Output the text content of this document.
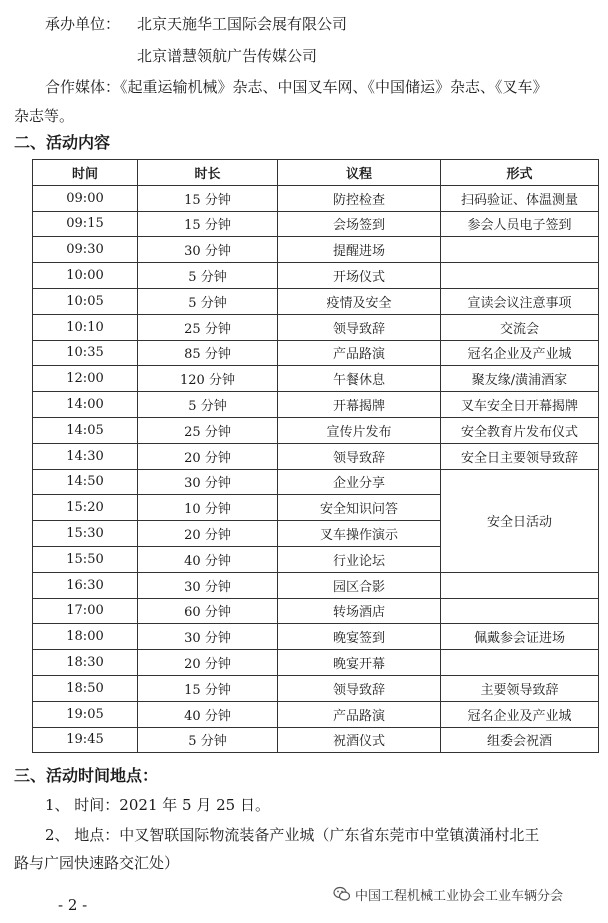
承办单位： 北京天施华工国际会展有限公司
北京谱慧领航广告传媒公司
合作媒体：《起重运输机械》杂志、中国叉车网、《中国储运》杂志、《叉车》
杂志等。
二、活动内容
时间	时长	议程	形式
09:00	15 分钟	防控检查	扫码验证、体温测量
09:15	15 分钟	会场签到	参会人员电子签到
09:30	30 分钟	提醒进场	
10:00	5 分钟	开场仪式	
10:05	5 分钟	疫情及安全	宣读会议注意事项
10:10	25 分钟	领导致辞	交流会
10:35	85 分钟	产品路演	冠名企业及产业城
12:00	120 分钟	午餐休息	聚友缘/潢浦酒家
14:00	5 分钟	开幕揭牌	叉车安全日开幕揭牌
14:05	25 分钟	宣传片发布	安全教育片发布仪式
14:30	20 分钟	领导致辞	安全日主要领导致辞
14:50	30 分钟	企业分享	安全日活动
15:20	10 分钟	安全知识问答	
15:30	20 分钟	叉车操作演示	
15:50	40 分钟	行业论坛	
16:30	30 分钟	园区合影	
17:00	60 分钟	转场酒店	
18:00	30 分钟	晚宴签到	佩戴参会证进场
18:30	20 分钟	晚宴开幕	
18:50	15 分钟	领导致辞	主要领导致辞
19:05	40 分钟	产品路演	冠名企业及产业城
19:45	5 分钟	祝酒仪式	组委会祝酒
三、活动时间地点：
1、 时间：2021 年 5 月 25 日。
2、 地点：中叉智联国际物流装备产业城（广东省东莞市中堂镇潢涌村北王
路与广园快速路交汇处）
中国工程机械工业协会工业车辆分会
- 2 -
